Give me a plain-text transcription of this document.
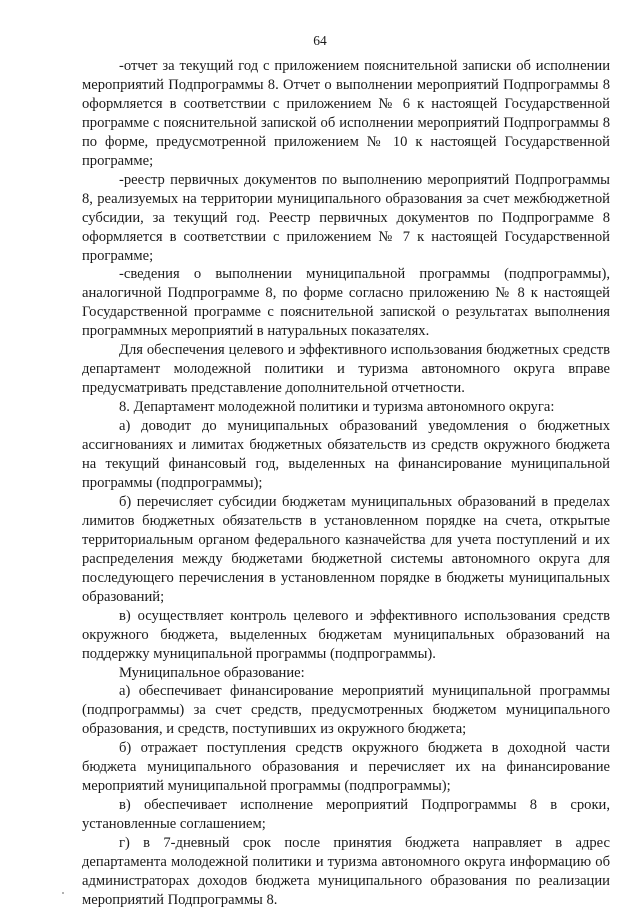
64

-отчет за текущий год с приложением пояснительной записки об исполнении мероприятий Подпрограммы 8. Отчет о выполнении мероприятий Подпрограммы 8 оформляется в соответствии с приложением № 6 к настоящей Государственной программе с пояснительной запиской об исполнении мероприятий Подпрограммы 8 по форме, предусмотренной приложением № 10 к настоящей Государственной программе;

-реестр первичных документов по выполнению мероприятий Подпрограммы 8, реализуемых на территории муниципального образования за счет межбюджетной субсидии, за текущий год. Реестр первичных документов по Подпрограмме 8 оформляется в соответствии с приложением № 7 к настоящей Государственной программе;

-сведения о выполнении муниципальной программы (подпрограммы), аналогичной Подпрограмме 8, по форме согласно приложению № 8 к настоящей Государственной программе с пояснительной запиской о результатах выполнения программных мероприятий в натуральных показателях.

Для обеспечения целевого и эффективного использования бюджетных средств департамент молодежной политики и туризма автономного округа вправе предусматривать представление дополнительной отчетности.

8. Департамент молодежной политики и туризма автономного округа:

а) доводит до муниципальных образований уведомления о бюджетных ассигнованиях и лимитах бюджетных обязательств из средств окружного бюджета на текущий финансовый год, выделенных на финансирование муниципальной программы (подпрограммы);

б) перечисляет субсидии бюджетам муниципальных образований в пределах лимитов бюджетных обязательств в установленном порядке на счета, открытые территориальным органом федерального казначейства для учета поступлений и их распределения между бюджетами бюджетной системы автономного округа для последующего перечисления в установленном порядке в бюджеты муниципальных образований;

в) осуществляет контроль целевого и эффективного использования средств окружного бюджета, выделенных бюджетам муниципальных образований на поддержку муниципальной программы (подпрограммы).

Муниципальное образование:

а) обеспечивает финансирование мероприятий муниципальной программы (подпрограммы) за счет средств, предусмотренных бюджетом муниципального образования, и средств, поступивших из окружного бюджета;

б) отражает поступления средств окружного бюджета в доходной части бюджета муниципального образования и перечисляет их на финансирование мероприятий муниципальной программы (подпрограммы);

в) обеспечивает исполнение мероприятий Подпрограммы 8 в сроки, установленные соглашением;

г) в 7-дневный срок после принятия бюджета направляет в адрес департамента молодежной политики и туризма автономного округа информацию об администраторах доходов бюджета муниципального образования по реализации мероприятий Подпрограммы 8.
